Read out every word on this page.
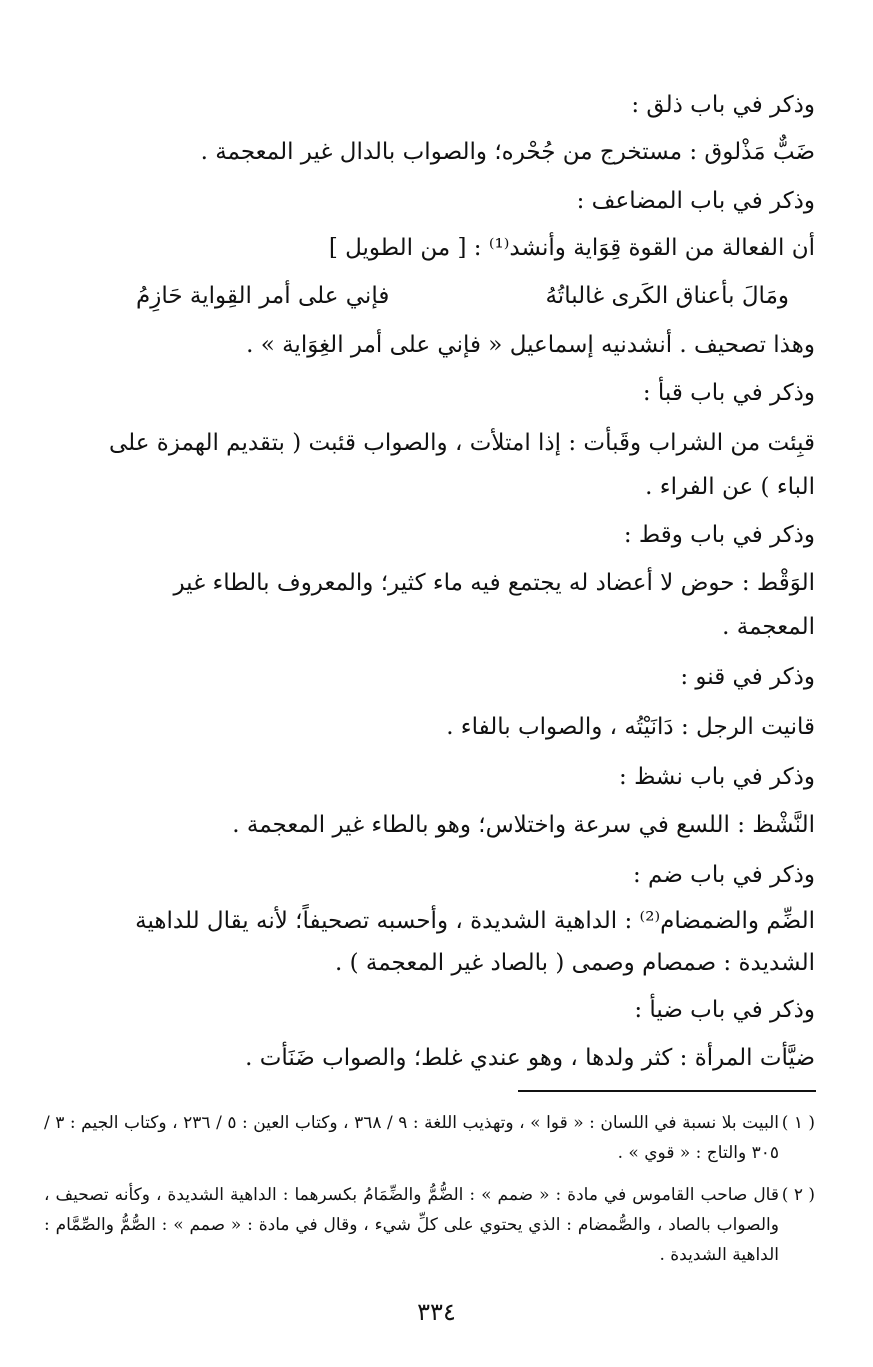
وذكر في باب ذلق :
ضَبٌّ مَذْلوق : مستخرج من جُحْره؛ والصواب بالدال غير المعجمة .
وذكر في باب المضاعف :
أن الفعالة من القوة قِوَاية وأنشد⁽¹⁾ : [ من الطويل ]
ومَالَ بأعناق الكَرى غالباتُهُ
فإني على أمر القِواية حَازِمُ
وهذا تصحيف . أنشدنيه إسماعيل « فإني على أمر الغِوَاية » .
وذكر في باب قبأ :
قبِئت من الشراب وقَبأت : إذا امتلأت ، والصواب قئبت ( بتقديم الهمزة على
الباء ) عن الفراء .
وذكر في باب وقط :
الوَقْط : حوض لا أعضاد له يجتمع فيه ماء كثير؛ والمعروف بالطاء غير
المعجمة .
وذكر في قنو :
قانيت الرجل : دَانَيْتُه ، والصواب بالفاء .
وذكر في باب نشظ :
النَّشْظ : اللسع في سرعة واختلاس؛ وهو بالطاء غير المعجمة .
وذكر في باب ضم :
الضِّم والضمضام⁽²⁾ : الداهية الشديدة ، وأحسبه تصحيفاً؛ لأنه يقال للداهية
الشديدة : صمصام وصمى ( بالصاد غير المعجمة ) .
وذكر في باب ضيأ :
ضيَّأت المرأة : كثر ولدها ، وهو عندي غلط؛ والصواب ضَنَأت .
( ١ )
البيت بلا نسبة في اللسان : « قوا » ، وتهذيب اللغة : ٩ / ٣٦٨ ، وكتاب العين : ٥ / ٢٣٦ ، وكتاب الجيم : ٣ / ٣٠٥ والتاج : « قوي » .
( ٢ )
قال صاحب القاموس في مادة : « ضمم » : الضُّمُّ والضِّمَامُ بكسرهما : الداهية الشديدة ، وكأنه تصحيف ، والصواب بالصاد ، والصُّمضام : الذي يحتوي على كلِّ شيء ، وقال في مادة : « صمم » : الصُّمُّ والصِّمَّام : الداهية الشديدة .
٣٣٤
